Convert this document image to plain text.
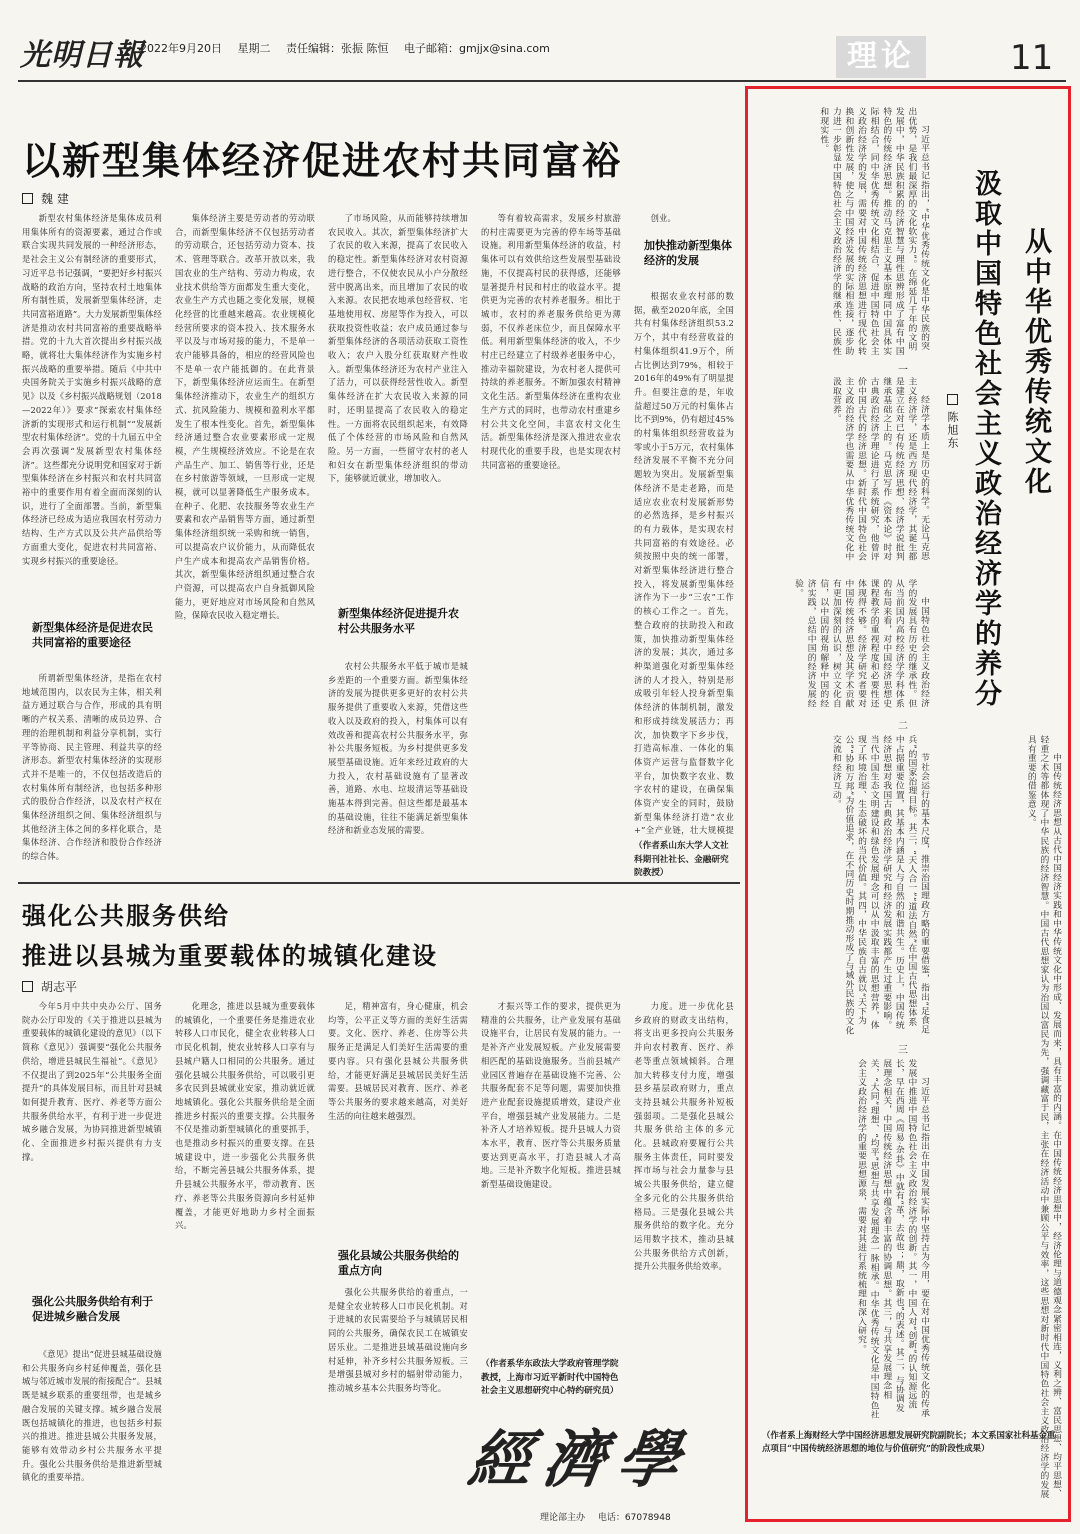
光明日報
2022年9月20日 星期二 责任编辑：张振 陈恒 电子邮箱：gmjjx@sina.com	理论	11
以新型集体经济促进农村共同富裕
魏 建

新型农村集体经济是集体成员利用集体所有的资源要素，通过合作或联合实现共同发展的一种经济形态，是社会主义公有制经济的重要形式，习近平总书记强调，“要把好乡村振兴战略的政治方向，坚持农村土地集体所有制性质，发展新型集体经济，走共同富裕道路”。大力发展新型集体经济是推动农村共同富裕的重要战略举措。党的十九大首次提出乡村振兴战略，就将壮大集体经济作为实施乡村振兴战略的重要举措。随后《中共中央国务院关于实施乡村振兴战略的意见》以及《乡村振兴战略规划（2018—2022年）》要求“探索农村集体经济新的实现形式和运行机制”“发展新型农村集体经济”。党的十九届五中全会再次强调“发展新型农村集体经济”。这些都充分说明党和国家对于新型集体经济在乡村振兴和农村共同富裕中的重要作用有着全面而深刻的认识，进行了全面部署。当前，新型集体经济已经成为适应我国农村劳动力结构、生产方式以及公共产品供给等方面重大变化，促进农村共同富裕、实现乡村振兴的重要途径。

新型集体经济是促进农民共同富裕的重要途径

所谓新型集体经济，是指在农村地域范围内，以农民为主体，相关利益方通过联合与合作，形成的具有明晰的产权关系、清晰的成员边界、合理的治理机制和利益分享机制，实行平等协商、民主管理、利益共享的经济形态。新型农村集体经济的实现形式并不是唯一的，不仅包括改造后的农村集体所有制经济，也包括多种形式的股份合作经济，以及农村产权在集体经济组织之间、集体经济组织与其他经济主体之间的多样化联合，是集体经济、合作经济和股份合作经济的综合体。

集体经济主要是劳动者的劳动联合，而新型集体经济不仅包括劳动者的劳动联合，还包括劳动力资本、技术、管理等联合。改革开放以来，我国农业的生产结构、劳动力构成，农业技术供给等方面都发生重大变化，农业生产方式也随之变化发展，规模化经营的比重越来越高。农业规模化经营所要求的资本投入、技术服务水平以及与市场对接的能力，不是单一农户能够具备的，相应的经营风险也不是单一农户能抵御的。在此背景下，新型集体经济应运而生。在新型集体经济推动下，农业生产的组织方式、抗风险能力、规模和盈利水平都发生了根本性变化。首先，新型集体经济通过整合农业要素形成一定规模，产生规模经济效应。不论是在农产品生产、加工、销售等行业，还是在乡村旅游等领域，一旦形成一定规模，就可以显著降低生产服务成本。在种子、化肥、农技服务等农业生产要素和农产品销售等方面，通过新型集体经济组织统一采购和统一销售，可以提高农户议价能力，从而降低农户生产成本和提高农产品销售价格。其次，新型集体经济组织通过整合农户资源，可以提高农户自身抵御风险能力，更好地应对市场风险和自然风险，保障农民收入稳定增长。

了市场风险，从而能够持续增加农民收入。其次，新型集体经济扩大了农民的收入来源，提高了农民收入的稳定性。新型集体经济对农村资源进行整合，不仅使农民从小户分散经营中脱离出来，而且增加了农民的收入来源。农民把农地承包经营权、宅基地使用权、房屋等作为投入，可以获取投资性收益；农户成员通过参与新型集体经济的各项活动获取工资性收入；农户入股分红获取财产性收入。新型集体经济还为农村产业注入了活力，可以获得经营性收入。新型集体经济在扩大农民收入来源的同时，还明显提高了农民收入的稳定性。一方面将农民组织起来，有效降低了个体经营的市场风险和自然风险。另一方面，一些留守农村的老人和妇女在新型集体经济组织的带动下，能够就近就业，增加收入。

新型集体经济促进提升农村公共服务水平

农村公共服务水平低于城市是城乡差距的一个重要方面。新型集体经济的发展为提供更多更好的农村公共服务提供了重要收入来源，凭借这些收入以及政府的投入，村集体可以有效改善和提高农村公共服务水平，弥补公共服务短板。为乡村提供更多发展型基础设施。近年来经过政府的大力投入，农村基础设施有了显著改善，道路、水电、垃圾清运等基础设施基本得到完善。但这些都是最基本的基础设施，往往不能满足新型集体经济和新业态发展的需要。

等有着较高需求，发展乡村旅游的村庄需要更为完善的停车场等基础设施。利用新型集体经济的收益，村集体可以有效供给这些发展型基础设施，不仅提高村民的获得感，还能够显著提升村民和村庄的收益水平。提供更为完善的农村养老服务。相比于城市，农村的养老服务供给更为薄弱，不仅养老床位少，而且保障水平低。利用新型集体经济的收入，不少村庄已经建立了村级养老服务中心，推动幸福院建设，为农村老人提供可持续的养老服务。不断加强农村精神文化生活。新型集体经济在重构农业生产方式的同时，也带动农村重建乡村公共文化空间，丰富农村文化生活。新型集体经济是深入推进农业农村现代化的重要手段，也是实现农村共同富裕的重要途径。

创业。

加快推动新型集体经济的发展

根据农业农村部的数据，截至2020年底，全国共有村集体经济组织53.2万个，其中有经营收益的村集体组织41.9万个，所占比例达到79%，相较于2016年的49%有了明显提升。但要注意的是，年收益超过50万元的村集体占比不到9%，仍有超过45%的村集体组织经营收益为零或小于5万元，农村集体经济发展不平衡不充分问题较为突出。发展新型集体经济不是走老路，而是适应农业农村发展新形势的必然选择，是乡村振兴的有力载体，是实现农村共同富裕的有效途径。必须按照中央的统一部署，对新型集体经济进行整合投入，将发展新型集体经济作为下一步“三农”工作的核心工作之一。首先，整合政府的扶助投入和政策，加快推动新型集体经济的发展；其次，通过多种渠道强化对新型集体经济的人才投入，特别是形成吸引年轻人投身新型集体经济的体制机制，激发和形成持续发展活力；再次，加快数字下乡步伐，打造高标准、一体化的集体资产运营与监督数字化平台，加快数字农业、数字农村的建设，在确保集体资产安全的同时，鼓励新型集体经济打造“农业+”全产业链，壮大规模提

（作者系山东大学人文社科期刊社社长、金融研究院教授）
强化公共服务供给
推进以县城为重要载体的城镇化建设
胡志平

今年5月中共中央办公厅、国务院办公厅印发的《关于推进以县城为重要载体的城镇化建设的意见》（以下简称《意见》）强调要“强化公共服务供给，增进县城民生福祉”。《意见》不仅提出了到2025年“公共服务全面提升”的具体发展目标，而且针对县城如何提升教育、医疗、养老等方面公共服务供给水平，有利于进一步促进城乡融合发展，为协同推进新型城镇化、全面推进乡村振兴提供有力支撑。

强化公共服务供给有利于促进城乡融合发展

《意见》提出“促进县城基础设施和公共服务向乡村延伸覆盖，强化县城与邻近城市发展的衔接配合”。县城既是城乡联系的重要纽带，也是城乡融合发展的关键支撑。城乡融合发展既包括城镇化的推进，也包括乡村振兴的推进。推进县城公共服务发展，能够有效带动乡村公共服务水平提升。强化公共服务供给是推进新型城镇化的重要举措。

化理念，推进以县城为重要载体的城镇化，一个重要任务是推进农业转移人口市民化，健全农业转移人口市民化机制，使农业转移人口享有与县城户籍人口相同的公共服务。通过强化县城公共服务供给，可以吸引更多农民到县城就业安家，推动就近就地城镇化。强化公共服务供给是全面推进乡村振兴的重要支撑。公共服务不仅是推动新型城镇化的重要抓手，也是推动乡村振兴的重要支撑。在县城建设中，进一步强化公共服务供给，不断完善县城公共服务体系，提升县城公共服务水平，带动教育、医疗、养老等公共服务资源向乡村延伸覆盖，才能更好地助力乡村全面振兴。

足，精神富有，身心健康，机会均等，公平正义等方面的美好生活需要。文化、医疗、养老、住房等公共服务正是满足人们美好生活需要的重要内容。只有强化县城公共服务供给，才能更好满足县城居民美好生活需要。县城居民对教育、医疗、养老等公共服务的要求越来越高，对美好生活的向往越来越强烈。

强化县域公共服务供给的重点方向

强化公共服务供给的着重点，一是健全农业转移人口市民化机制。对于进城的农民需要给予与城镇居民相同的公共服务，确保农民工在城镇安居乐业。二是推进县域基础设施向乡村延伸，补齐乡村公共服务短板。三是增强县城对乡村的辐射带动能力，推动城乡基本公共服务均等化。

才振兴等工作的要求，提供更为精准的公共服务，让产业发展有基础设施平台，让居民有发展的能力。一是补齐产业发展短板。产业发展需要相匹配的基础设施服务。当前县城产业园区普遍存在基础设施不完善、公共服务配套不足等问题，需要加快推进产业配套设施提质增效，建设产业平台，增强县城产业发展能力。二是补齐人才培养短板。提升县城人力资本水平，教育、医疗等公共服务质量要达到更高水平，打造县城人才高地。三是补齐数字化短板。推进县城新型基础设施建设。

（作者系华东政法大学政府管理学院教授，上海市习近平新时代中国特色社会主义思想研究中心特约研究员）

力度。进一步优化县乡政府的财政支出结构，将支出更多投向公共服务并向农村教育、医疗、养老等重点领域倾斜。合理加大转移支付力度，增强县乡基层政府财力，重点支持县城公共服务补短板强弱项。二是强化县城公共服务供给主体的多元化。县城政府要履行公共服务主体责任，同时要发挥市场与社会力量参与县城公共服务供给，建立健全多元化的公共服务供给格局。三是强化县城公共服务供给的数字化。充分运用数字技术，推动县城公共服务供给方式创新，提升公共服务供给效率。

經濟學
理论部主办 电话：67078948

习近平总书记指出，“中华优秀传统文化是中华民族的突出优势，是我们最深厚的文化软实力”。在绵延几千年的文明发展中，中华民族积累的经济智慧与理性思辨形成了富有中国特色的传统经济思想。推动马克思主义基本原理同中国具体实际相结合，同中华优秀传统文化相结合，促进中国特色社会主义政治经济学的发展，需要对中国传统经济思想进行现代化转换和创新性发展，使之与中国经济发展的实际相连接，逐步助力进一步彰显中国特色社会主义政治经济学的继承性、民族性和现实性。

一

经济学本质上是历史的科学。无论马克思主义经济学，还是西方现代经济学，其诞生都是建立在对已有传统经济思想、经济学说批判继承基础之上的。马克思写作《资本论》时对古典政治经济学理论进行了系统研究，他曾评价中国古代的经济思想。新时代中国特色社会主义政治经济学也需要从中华优秀传统文化中汲取营养。

中国特色社会主义政治经济学的发展具有历史的继承性。但从当前国内高校经济学学科体系的布局来看，对中国经济思想史课程教学的重视程度和必要性还体现得不够。经济学研究者要对中国传统经济思想及其学术贡献有更加深刻的认识，树立文化自信，以中国的视角解释中国的经济实践，总结中国的经济发展经验。

从中华优秀传统文化
汲取中国特色社会主义政治经济学的养分
陈旭东
二

中国传统经济思想从古代中国经济实践和中华传统文化中形成、发展而来，具有丰富的内涵。在中国传统经济思想中，经济伦理与道德观念紧密相连，义利之辨、富民思想、均平思想、轻重之术等都体现了中华民族的经济智慧。中国古代思想家认为治国以富民为先，强调藏富于民，主张在经济活动中兼顾公平与效率，这些思想对新时代中国特色社会主义政治经济学的发展具有重要的借鉴意义。

节社会运行的基本尺度，推崇治国理政方略的重要借鉴，指出“足食足兵”的国家治理目标。其三，“天人合一”“道法自然”在中国古代思想体系中占据重要位置，其基本内涵是人与自然的和谐共生。历史上，中国传统经济思想对我国古典政治经济学研究和经济发展实践都产生过重要影响。当代中国生态文明建设和绿色发展理念可以从中汲取丰富的思想营养，体现了环境治理、生态破坏的当代价值。其四，中华民族自古就以“天下为公”“协和万邦”为价值追求，在不同历史时期推动形成了与域外民族的文化交流和经济互动。

三

习近平总书记指出在中国发展实际中坚持古为今用，要在对中国优秀传统文化的传承发展中推进中国特色社会主义政治经济学的创新。其一，中国人对“创新”的认知源远流长，早在西周《周易·杂卦》中就有“革，去故也；鼎，取新也”的表述。其二，与协调发展理念相关，中国传统经济思想中蕴含着丰富的协调思想。其三，与共享发展理念相关，“大同”理想、“均平”思想与共享发展理念一脉相承。中华优秀传统文化是中国特色社会主义政治经济学的重要思想源泉，需要对其进行系统梳理和深入研究。

（作者系上海财经大学中国经济思想发展研究院副院长；本文系国家社科基金重点项目“中国传统经济思想的地位与价值研究”的阶段性成果）
